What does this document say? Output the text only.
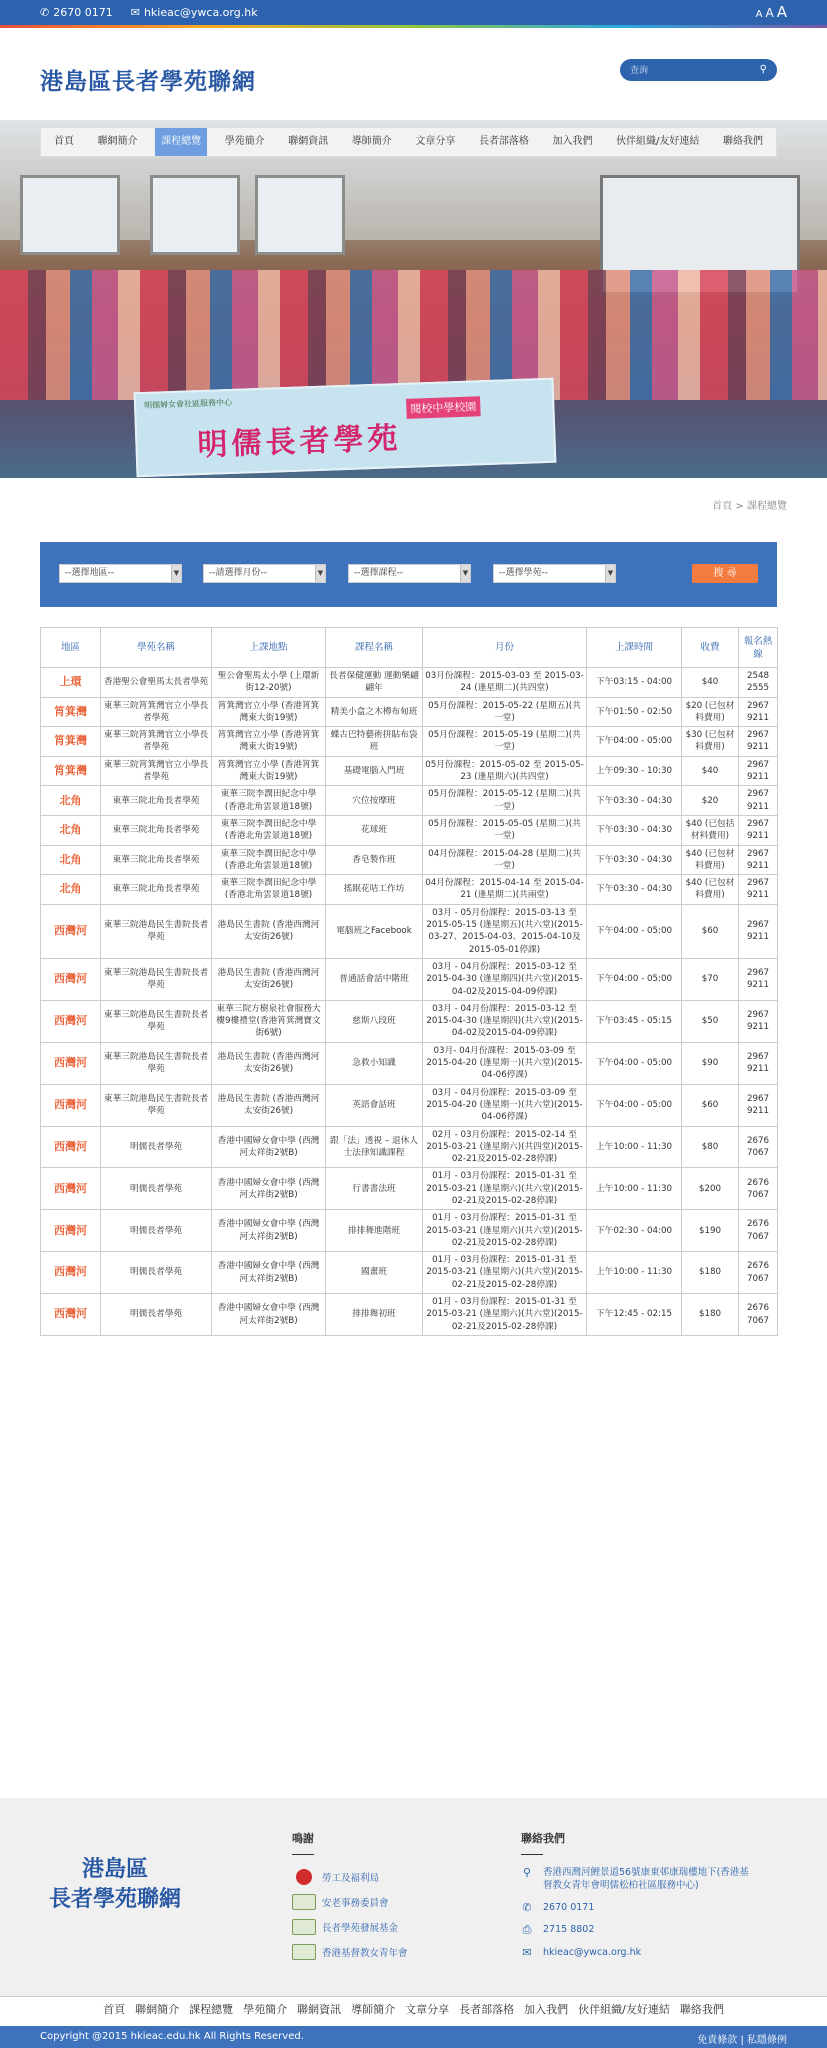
✆ 2670 0171 ✉ hkieac@ywca.org.hk	A A A
港島區長者學苑聯網
查詢	⚲
明儒婦女會社區服務中心
明儒長者學苑
閱校中學校園
首頁	聯網簡介	課程總覽	學苑簡介	聯網資訊	導師簡介	文章分享	長者部落格	加入我們	伙伴組織/友好連結	聯絡我們
首頁 > 課程總覽
--選擇地區--	▼	--請選擇月份--	▼	--選擇課程--	▼	--選擇學苑--	▼	搜 尋
地區	學苑名稱	上課地點	課程名稱	月份	上課時間	收費	報名熱線
上環	香港聖公會聖馬太長者學苑	聖公會聖馬太小學 (上環新街12-20號)	長者保健運動 運動樂翩翩年	03月份課程：2015-03-03 至 2015-03-24 (逢星期二)(共四堂)	下午03:15 - 04:00	$40	2548 2555
筲箕灣	東華三院筲箕灣官立小學長者學苑	筲箕灣官立小學 (香港筲箕灣東大街19號)	精美小盒之木樽布甸班	05月份課程：2015-05-22 (星期五)(共一堂)	下午01:50 - 02:50	$20 (已包材料費用)	2967 9211
筲箕灣	東華三院筲箕灣官立小學長者學苑	筲箕灣官立小學 (香港筲箕灣東大街19號)	蝶古巴特藝術拼貼布袋班	05月份課程：2015-05-19 (星期二)(共一堂)	下午04:00 - 05:00	$30 (已包材料費用)	2967 9211
筲箕灣	東華三院筲箕灣官立小學長者學苑	筲箕灣官立小學 (香港筲箕灣東大街19號)	基礎電腦入門班	05月份課程：2015-05-02 至 2015-05-23 (逢星期六)(共四堂)	上午09:30 - 10:30	$40	2967 9211
北角	東華三院北角長者學苑	東華三院李潤田紀念中學 (香港北角雲景道18號)	穴位按摩班	05月份課程：2015-05-12 (星期二)(共一堂)	下午03:30 - 04:30	$20	2967 9211
北角	東華三院北角長者學苑	東華三院李潤田紀念中學 (香港北角雲景道18號)	花球班	05月份課程：2015-05-05 (星期二)(共一堂)	下午03:30 - 04:30	$40 (已包括材料費用)	2967 9211
北角	東華三院北角長者學苑	東華三院李潤田紀念中學 (香港北角雲景道18號)	香皂製作班	04月份課程：2015-04-28 (星期二)(共一堂)	下午03:30 - 04:30	$40 (已包材料費用)	2967 9211
北角	東華三院北角長者學苑	東華三院李潤田紀念中學 (香港北角雲景道18號)	搖眠花咭工作坊	04月份課程：2015-04-14 至 2015-04-21 (逢星期二)(共兩堂)	下午03:30 - 04:30	$40 (已包材料費用)	2967 9211
西灣河	東華三院港島民生書院長者學苑	港島民生書院 (香港西灣河太安街26號)	電腦班之Facebook	03月 - 05月份課程：2015-03-13 至 2015-05-15 (逢星期五)(共六堂)(2015-03-27、2015-04-03、2015-04-10及2015-05-01停課)	下午04:00 - 05:00	$60	2967 9211
西灣河	東華三院港島民生書院長者學苑	港島民生書院 (香港西灣河太安街26號)	普通話會話中階班	03月 - 04月份課程：2015-03-12 至 2015-04-30 (逢星期四)(共六堂)(2015-04-02及2015-04-09停課)	下午04:00 - 05:00	$70	2967 9211
西灣河	東華三院港島民生書院長者學苑	東華三院方樹泉社會服務大樓9樓禮堂(香港筲箕灣寶文街6號)	慈斯八段班	03月 - 04月份課程：2015-03-12 至 2015-04-30 (逢星期四)(共六堂)(2015-04-02及2015-04-09停課)	下午03:45 - 05:15	$50	2967 9211
西灣河	東華三院港島民生書院長者學苑	港島民生書院 (香港西灣河太安街26號)	急救小知識	03月- 04月份課程：2015-03-09 至 2015-04-20 (逢星期一)(共六堂)(2015-04-06停課)	下午04:00 - 05:00	$90	2967 9211
西灣河	東華三院港島民生書院長者學苑	港島民生書院 (香港西灣河太安街26號)	英語會話班	03月 - 04月份課程：2015-03-09 至 2015-04-20 (逢星期一)(共六堂)(2015-04-06停課)	下午04:00 - 05:00	$60	2967 9211
西灣河	明儒長者學苑	香港中國婦女會中學 (西灣河太祥街2號B)	跟「法」透視 – 退休人士法律知識課程	02月 - 03月份課程：2015-02-14 至 2015-03-21 (逢星期六)(共四堂)(2015-02-21及2015-02-28停課)	上午10:00 - 11:30	$80	2676 7067
西灣河	明儒長者學苑	香港中國婦女會中學 (西灣河太祥街2號B)	行書書法班	01月 - 03月份課程：2015-01-31 至 2015-03-21 (逢星期六)(共六堂)(2015-02-21及2015-02-28停課)	上午10:00 - 11:30	$200	2676 7067
西灣河	明儒長者學苑	香港中國婦女會中學 (西灣河太祥街2號B)	排排舞進階班	01月 - 03月份課程：2015-01-31 至 2015-03-21 (逢星期六)(共六堂)(2015-02-21及2015-02-28停課)	下午02:30 - 04:00	$190	2676 7067
西灣河	明儒長者學苑	香港中國婦女會中學 (西灣河太祥街2號B)	國畫班	01月 - 03月份課程：2015-01-31 至 2015-03-21 (逢星期六)(共六堂)(2015-02-21及2015-02-28停課)	上午10:00 - 11:30	$180	2676 7067
西灣河	明儒長者學苑	香港中國婦女會中學 (西灣河太祥街2號B)	排排舞初班	01月 - 03月份課程：2015-01-31 至 2015-03-21 (逢星期六)(共六堂)(2015-02-21及2015-02-28停課)	下午12:45 - 02:15	$180	2676 7067
港島區
長者學苑聯網
鳴謝
勞工及福利局
安老事務委員會
長者學苑發展基金
香港基督教女青年會
聯絡我們
⚲ 香港西灣河鯉景道56號康東邨康瑞樓地下(香港基督教女青年會明儒松柏社區服務中心)
✆ 2670 0171
⎙ 2715 8802
✉ hkieac@ywca.org.hk
首頁 聯網簡介 課程總覽 學苑簡介 聯網資訊 導師簡介 文章分享 長者部落格 加入我們 伙伴組織/友好連結 聯絡我們
Copyright @2015 hkieac.edu.hk All Rights Reserved.	免責條款 | 私隱條例
